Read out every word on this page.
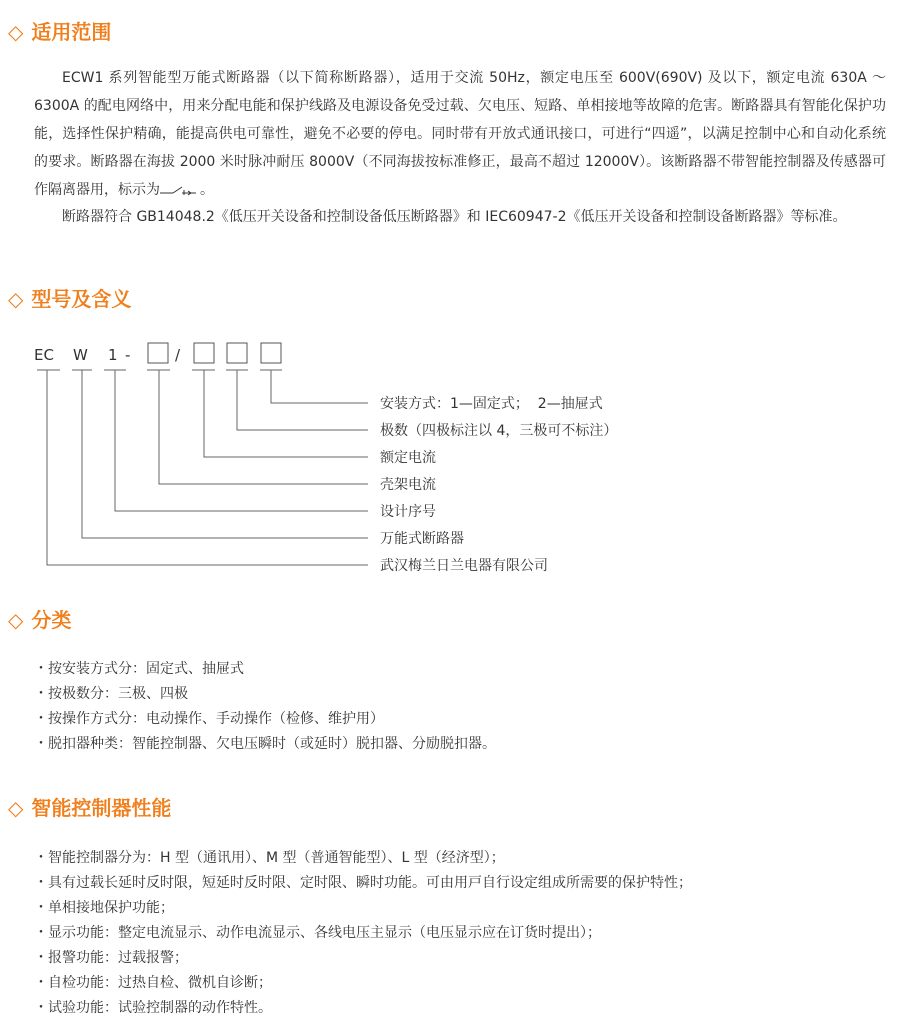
◇ 适用范围

ECW1 系列智能型万能式断路器（以下简称断路器），适用于交流 50Hz，额定电压至 600V(690V) 及以下，额定电流 630A ～ 6300A 的配电网络中，用来分配电能和保护线路及电源设备免受过载、欠电压、短路、单相接地等故障的危害。断路器具有智能化保护功能，选择性保护精确，能提高供电可靠性，避免不必要的停电。同时带有开放式通讯接口，可进行“四遥”，以满足控制中心和自动化系统的要求。断路器在海拔 2000 米时脉冲耐压 8000V（不同海拔按标准修正，最高不超过 12000V）。该断路器不带智能控制器及传感器可作隔离器用，标示为	。

断路器符合 GB14048.2《低压开关设备和控制设备低压断路器》和 IEC60947-2《低压开关设备和控制设备断路器》等标准。

◇ 型号及含义
EC W 1 -	/
安装方式：1—固定式；  2—抽屉式
极数（四极标注以 4，三极可不标注）
额定电流
壳架电流
设计序号
万能式断路器
武汉梅兰日兰电器有限公司
◇ 分类
・按安装方式分：固定式、抽屉式
・按极数分：三极、四极
・按操作方式分：电动操作、手动操作（检修、维护用）
・脱扣器种类：智能控制器、欠电压瞬时（或延时）脱扣器、分励脱扣器。
◇ 智能控制器性能
・智能控制器分为：H 型（通讯用）、M 型（普通智能型）、L 型（经济型）；
・具有过载长延时反时限，短延时反时限、定时限、瞬时功能。可由用戸自行设定组成所需要的保护特性；
・单相接地保护功能；
・显示功能：整定电流显示、动作电流显示、各线电压主显示（电压显示应在订货时提出）；
・报警功能：过载报警；
・自检功能：过热自检、微机自诊断；
・试验功能：试验控制器的动作特性。
